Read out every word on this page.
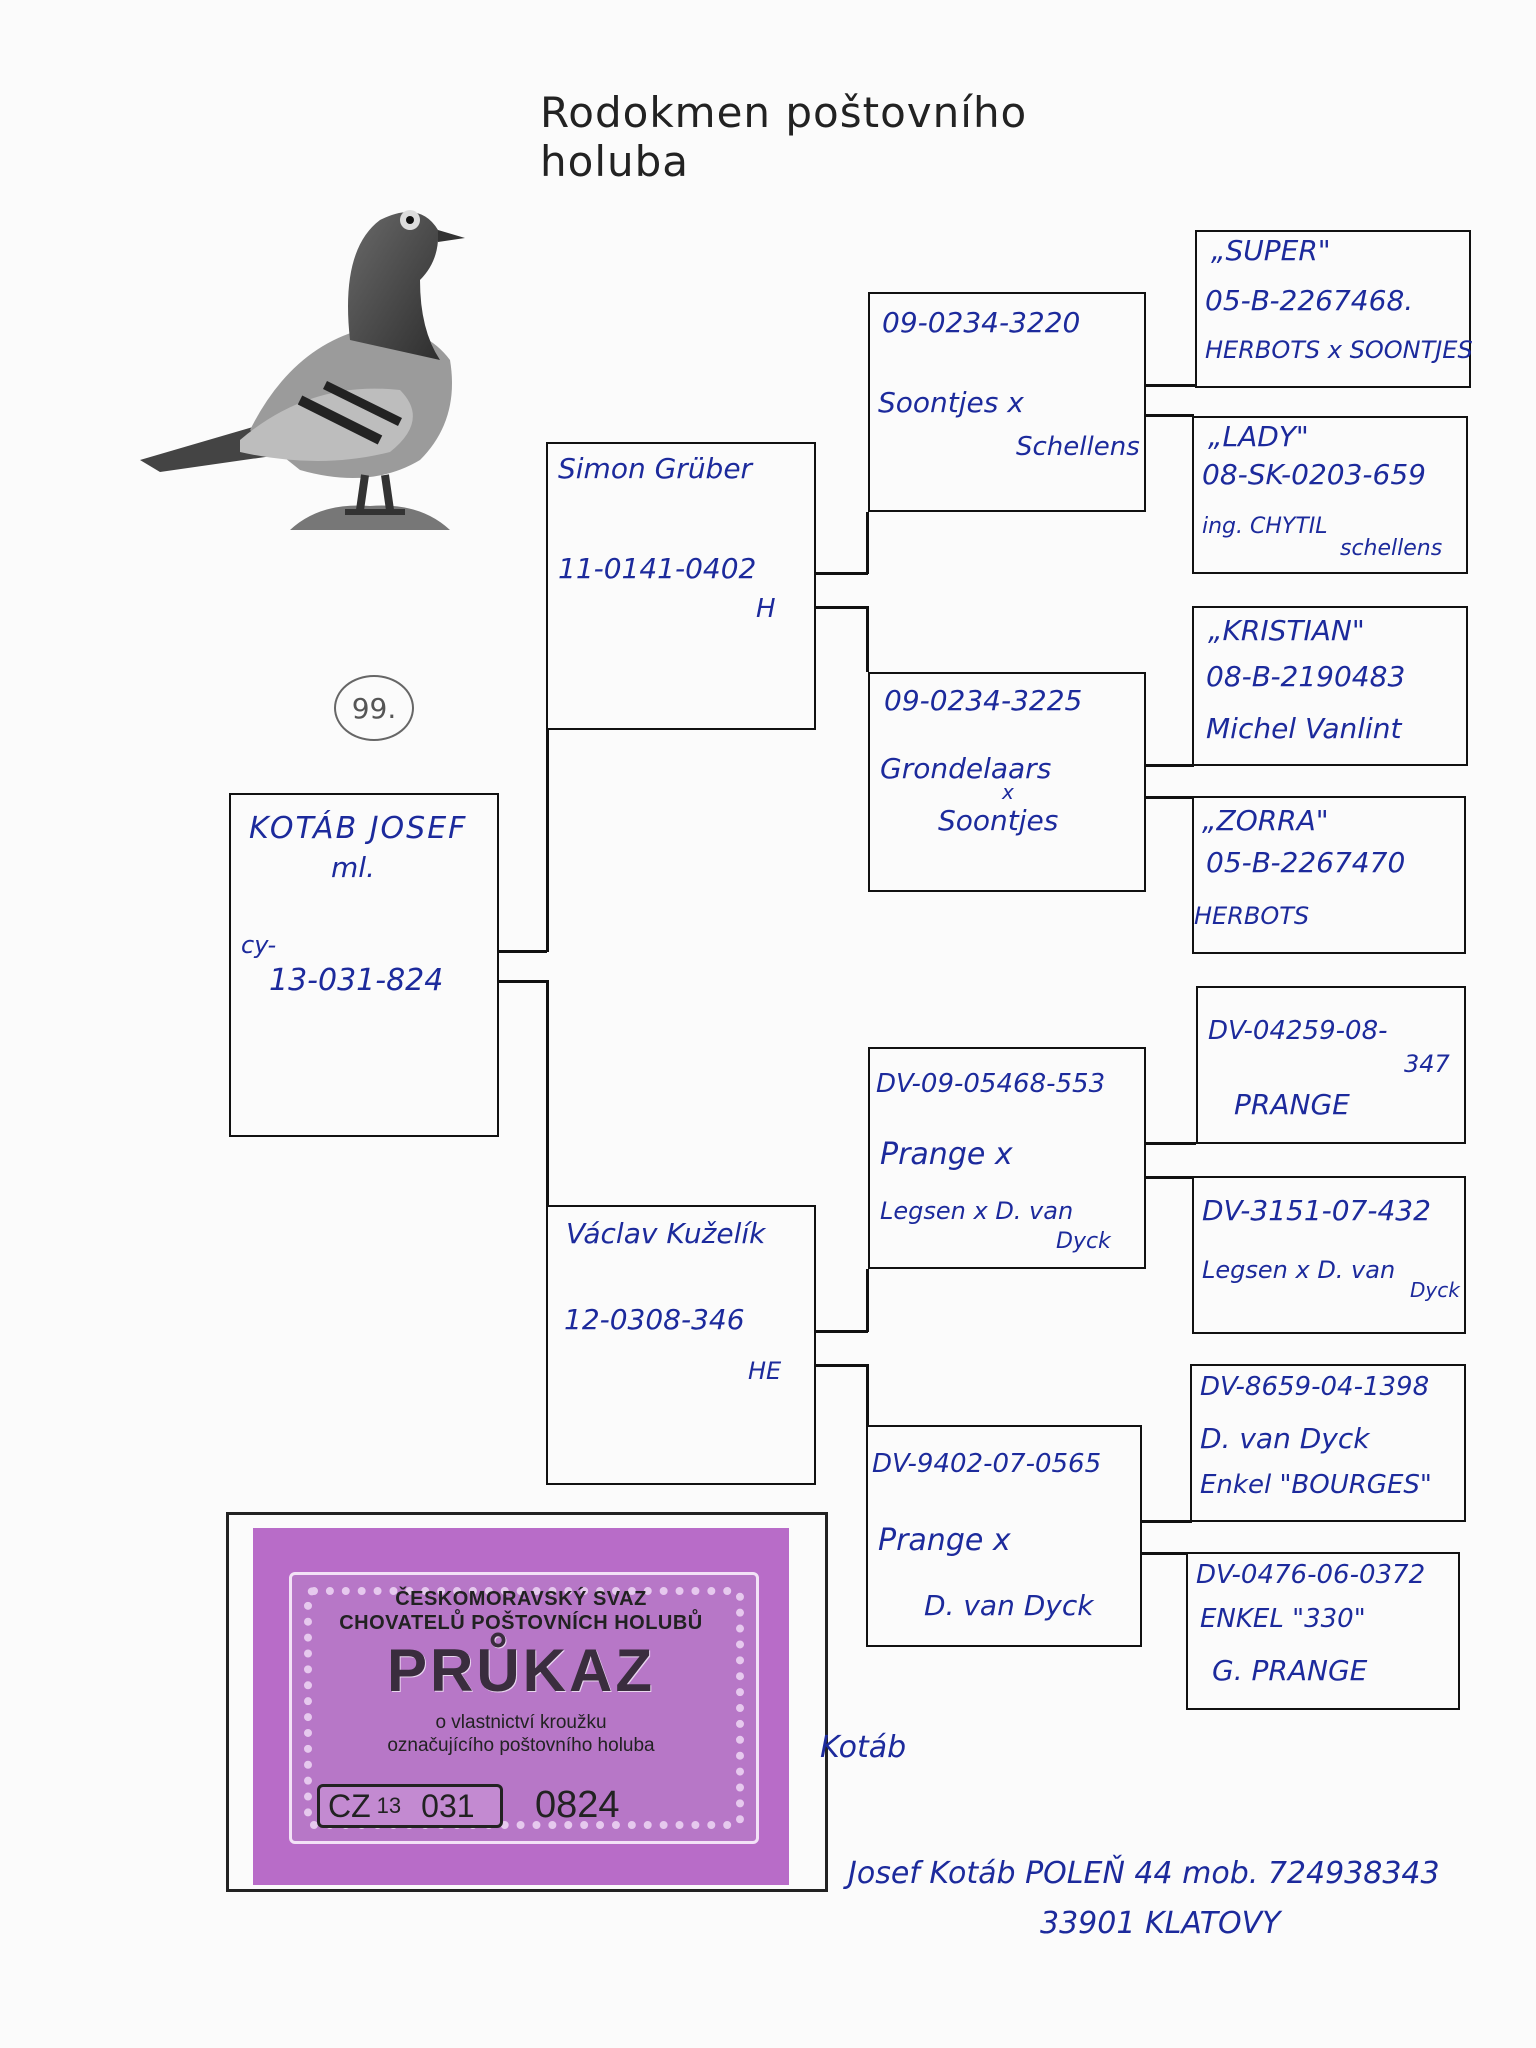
Rodokmen poštovního holuba
99.
KOTÁB JOSEF
ml.
cy-
13-031-824
Simon Grüber
11-0141-0402
H
Václav Kuželík
12-0308-346
HE
09-0234-3220
Soontjes x
Schellens
09-0234-3225
Grondelaars
x
Soontjes
DV-09-05468-553
Prange x
Legsen x D. van
Dyck
DV-9402-07-0565
Prange x
D. van Dyck
„SUPER"
05-B-2267468.
HERBOTS x SOONTJES
„LADY"
08-SK-0203-659
ing. CHYTIL
schellens
„KRISTIAN"
08-B-2190483
Michel Vanlint
„ZORRA"
05-B-2267470
HERBOTS
DV-04259-08-
347
PRANGE
DV-3151-07-432
Legsen x D. van
Dyck
DV-8659-04-1398
D. van Dyck
Enkel "BOURGES"
DV-0476-06-0372
ENKEL "330"
G. PRANGE
ČESKOMORAVSKÝ SVAZ
CHOVATELŮ POŠTOVNÍCH HOLUBŮ
PRŮKAZ
o vlastnictví kroužku
označujícího poštovního holuba
CZ 13 031 0824
Kotáb
Josef Kotáb POLEŇ 44 mob. 724938343
33901 KLATOVY
